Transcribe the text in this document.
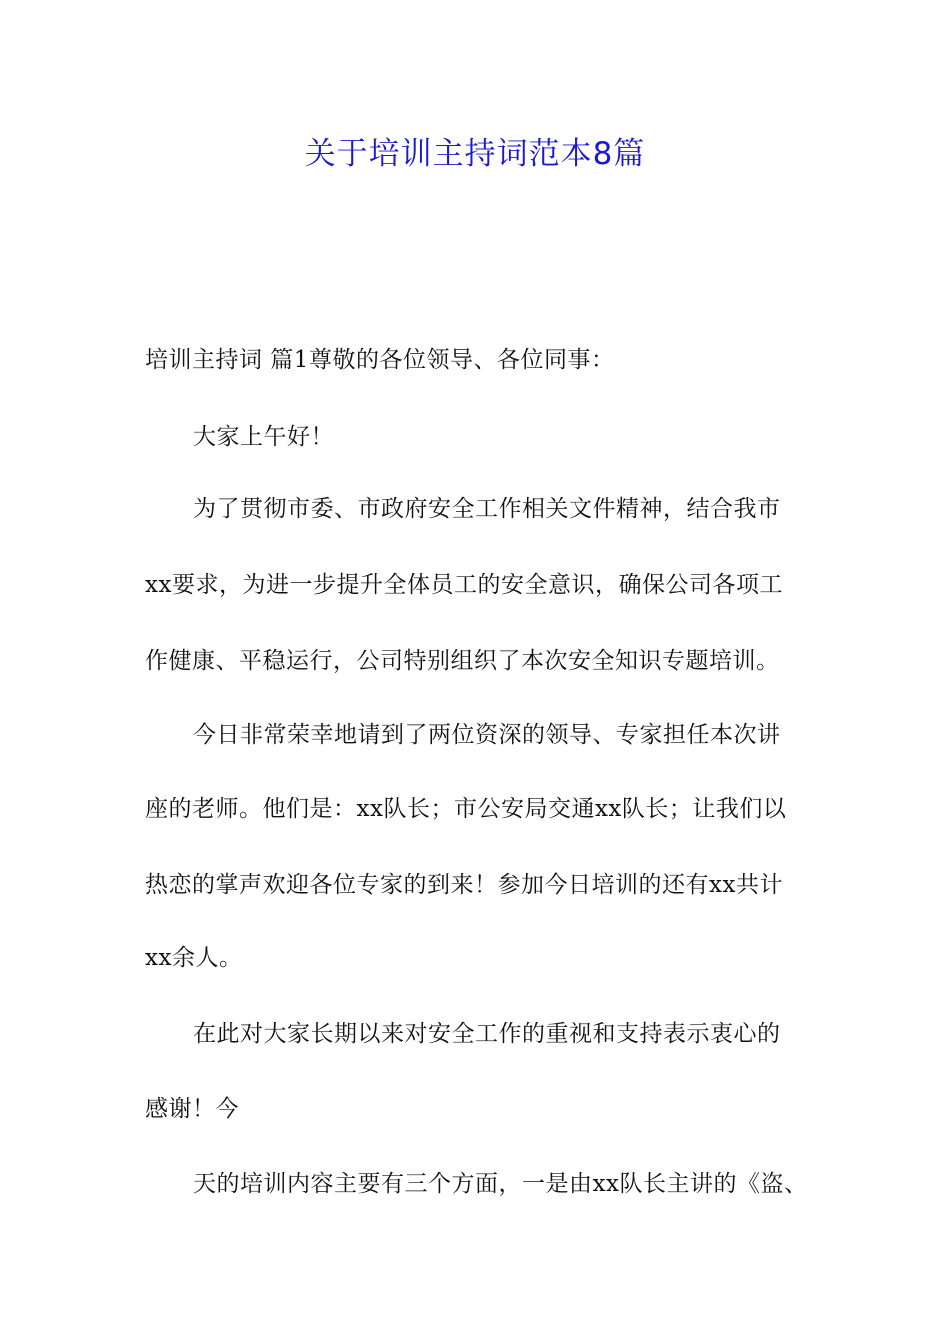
关于培训主持词范本8篇
培训主持词 篇1尊敬的各位领导、各位同事：
大家上午好！
为了贯彻市委、市政府安全工作相关文件精神，结合我市
xx要求，为进一步提升全体员工的安全意识，确保公司各项工
作健康、平稳运行，公司特别组织了本次安全知识专题培训。
今日非常荣幸地请到了两位资深的领导、专家担任本次讲
座的老师。他们是：xx队长；市公安局交通xx队长；让我们以
热恋的掌声欢迎各位专家的到来！参加今日培训的还有xx共计
xx余人。
在此对大家长期以来对安全工作的重视和支持表示衷心的
感谢！今
天的培训内容主要有三个方面，一是由xx队长主讲的《盗、
